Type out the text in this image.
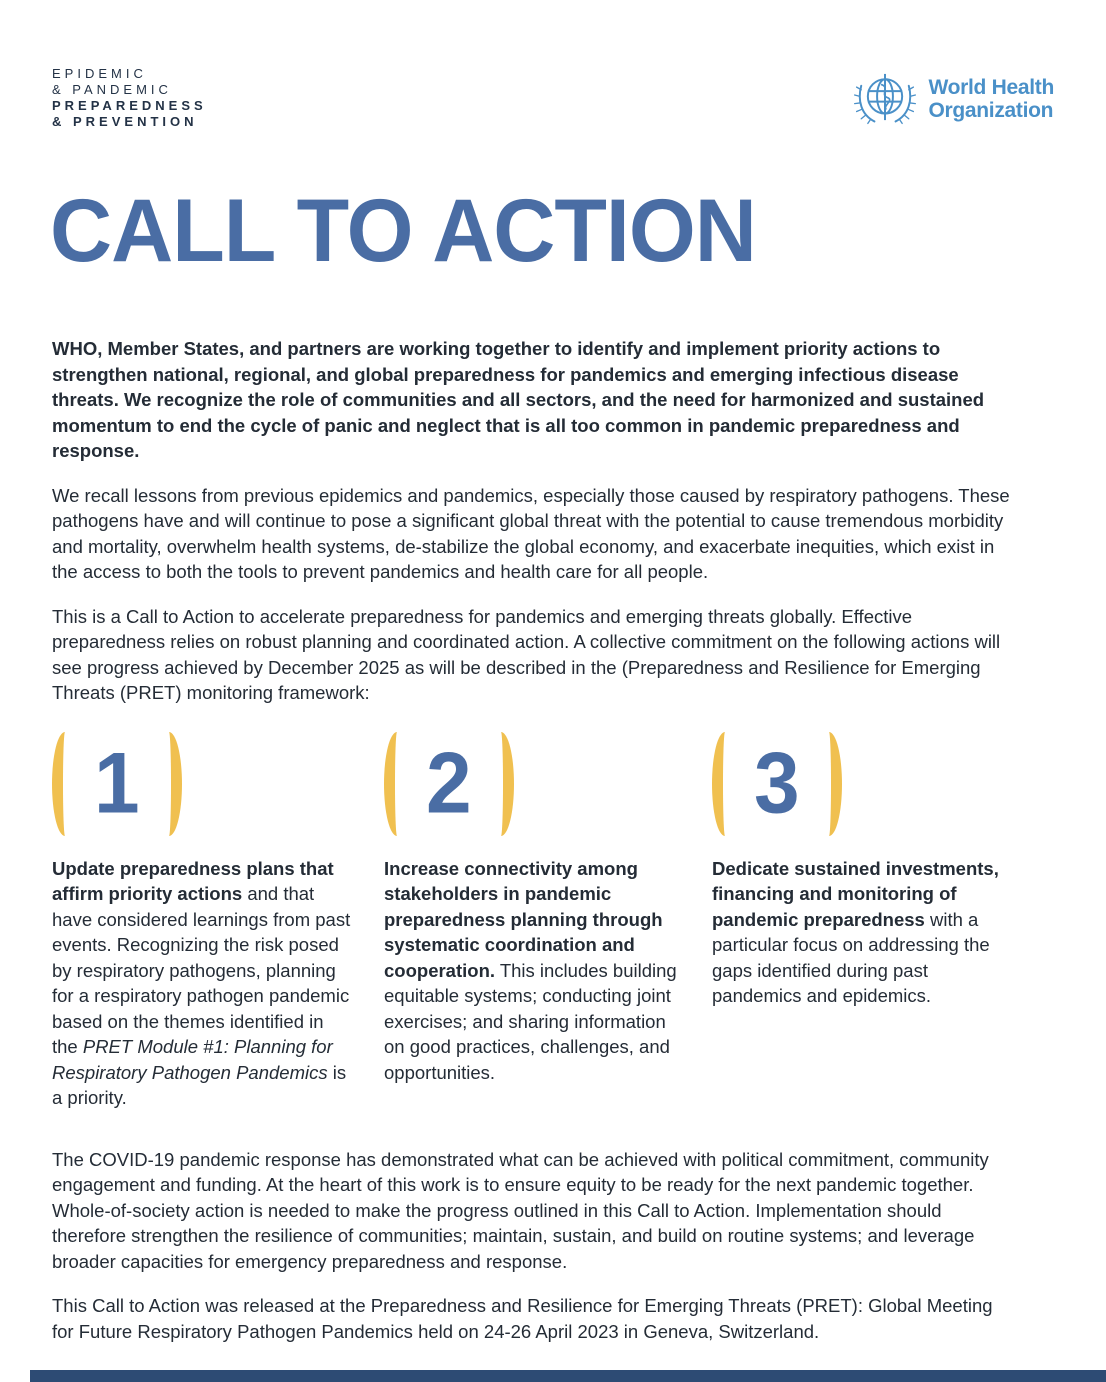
EPIDEMIC
& PANDEMIC
PREPAREDNESS
& PREVENTION
World Health
Organization
CALL TO ACTION

WHO, Member States, and partners are working together to identify and implement priority actions to strengthen national, regional, and global preparedness for pandemics and emerging infectious disease threats. We recognize the role of communities and all sectors, and the need for harmonized and sustained momentum to end the cycle of panic and neglect that is all too common in pandemic preparedness and response.

We recall lessons from previous epidemics and pandemics, especially those caused by respiratory pathogens. These pathogens have and will continue to pose a significant global threat with the potential to cause tremendous morbidity and mortality, overwhelm health systems, de-stabilize the global economy, and exacerbate inequities, which exist in the access to both the tools to prevent pandemics and health care for all people.

This is a Call to Action to accelerate preparedness for pandemics and emerging threats globally. Effective preparedness relies on robust planning and coordinated action. A collective commitment on the following actions will see progress achieved by December 2025 as will be described in the (Preparedness and Resilience for Emerging Threats (PRET) monitoring framework:

1

Update preparedness plans that affirm priority actions and that have considered learnings from past events. Recognizing the risk posed by respiratory pathogens, planning for a respiratory pathogen pandemic based on the themes identified in the PRET Module #1: Planning for Respiratory Pathogen Pandemics is a priority.

2

Increase connectivity among stakeholders in pandemic preparedness planning through systematic coordination and cooperation. This includes building equitable systems; conducting joint exercises; and sharing information on good practices, challenges, and opportunities.

3

Dedicate sustained investments, financing and monitoring of pandemic preparedness with a particular focus on addressing the gaps identified during past pandemics and epidemics.

The COVID-19 pandemic response has demonstrated what can be achieved with political commitment, community engagement and funding. At the heart of this work is to ensure equity to be ready for the next pandemic together. Whole-of-society action is needed to make the progress outlined in this Call to Action. Implementation should therefore strengthen the resilience of communities; maintain, sustain, and build on routine systems; and leverage broader capacities for emergency preparedness and response.

This Call to Action was released at the Preparedness and Resilience for Emerging Threats (PRET): Global Meeting for Future Respiratory Pathogen Pandemics held on 24-26 April 2023 in Geneva, Switzerland.
